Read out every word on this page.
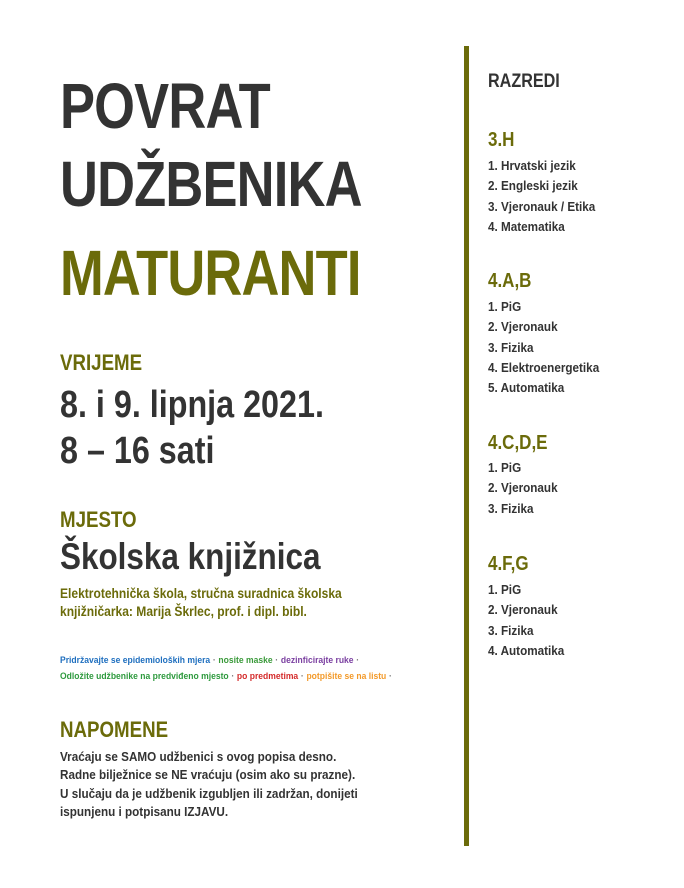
POVRAT
UDŽBENIKA
MATURANTI
VRIJEME
8. i 9. lipnja 2021.
8 – 16 sati
MJESTO
Školska knjižnica
Elektrotehnička škola, stručna suradnica školska
knjižničarka: Marija Škrlec, prof. i dipl. bibl.
Pridržavajte se epidemioloških mjera · nosite maske · dezinficirajte ruke ·
Odložite udžbenike na predviđeno mjesto · po predmetima · potpišite se na listu ·
NAPOMENE
Vraćaju se SAMO udžbenici s ovog popisa desno.
Radne bilježnice se NE vraćuju (osim ako su prazne).
U slučaju da je udžbenik izgubljen ili zadržan, donijeti
ispunjenu i potpisanu IZJAVU.
RAZREDI
3.H
1. Hrvatski jezik
2. Engleski jezik
3. Vjeronauk / Etika
4. Matematika
4.A,B
1. PiG
2. Vjeronauk
3. Fizika
4. Elektroenergetika
5. Automatika
4.C,D,E
1. PiG
2. Vjeronauk
3. Fizika
4.F,G
1. PiG
2. Vjeronauk
3. Fizika
4. Automatika
